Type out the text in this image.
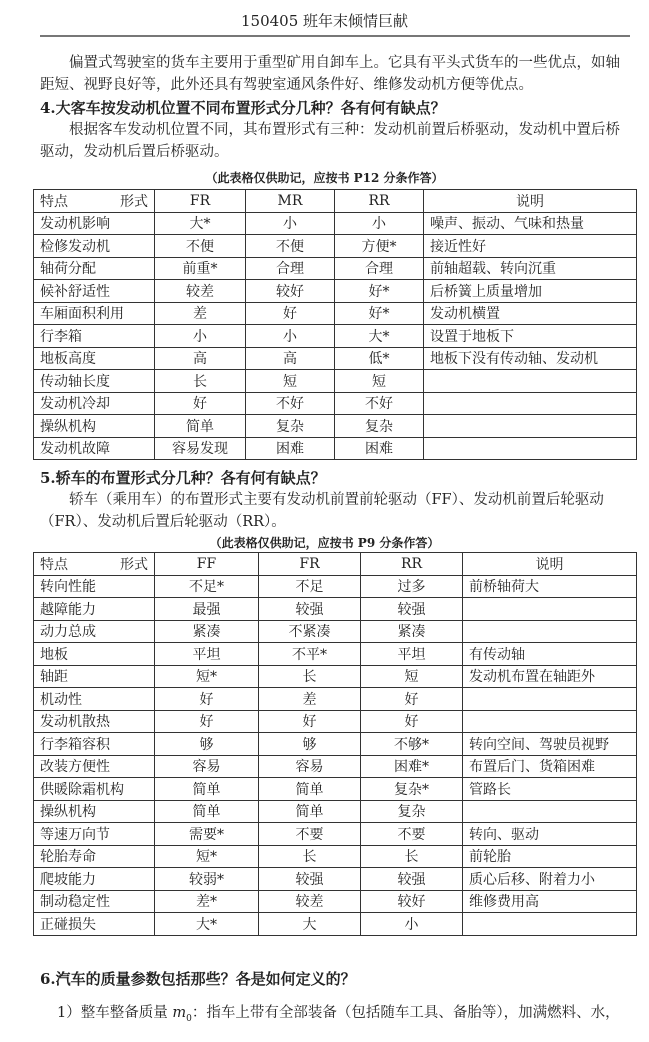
150405 班年末倾情巨献
偏置式驾驶室的货车主要用于重型矿用自卸车上。它具有平头式货车的一些优点，如轴距短、视野良好等，此外还具有驾驶室通风条件好、维修发动机方便等优点。
4.大客车按发动机位置不同布置形式分几种？各有何有缺点？
根据客车发动机位置不同，其布置形式有三种：发动机前置后桥驱动，发动机中置后桥驱动，发动机后置后桥驱动。
（此表格仅供助记，应按书 P12 分条作答）
特点 形式	FR	MR	RR	说明
发动机影响	大*	小	小	噪声、振动、气味和热量
检修发动机	不便	不便	方便*	接近性好
轴荷分配	前重*	合理	合理	前轴超载、转向沉重
候补舒适性	较差	较好	好*	后桥簧上质量增加
车厢面积利用	差	好	好*	发动机横置
行李箱	小	小	大*	设置于地板下
地板高度	高	高	低*	地板下没有传动轴、发动机
传动轴长度	长	短	短	
发动机冷却	好	不好	不好	
操纵机构	简单	复杂	复杂	
发动机故障	容易发现	困难	困难	
5.轿车的布置形式分几种？各有何有缺点？
轿车（乘用车）的布置形式主要有发动机前置前轮驱动（FF）、发动机前置后轮驱动（FR）、发动机后置后轮驱动（RR）。
（此表格仅供助记，应按书 P9 分条作答）
特点 形式	FF	FR	RR	说明
转向性能	不足*	不足	过多	前桥轴荷大
越障能力	最强	较强	较强	
动力总成	紧凑	不紧凑	紧凑	
地板	平坦	不平*	平坦	有传动轴
轴距	短*	长	短	发动机布置在轴距外
机动性	好	差	好	
发动机散热	好	好	好	
行李箱容积	够	够	不够*	转向空间、驾驶员视野
改装方便性	容易	容易	困难*	布置后门、货箱困难
供暖除霜机构	简单	简单	复杂*	管路长
操纵机构	简单	简单	复杂	
等速万向节	需要*	不要	不要	转向、驱动
轮胎寿命	短*	长	长	前轮胎
爬坡能力	较弱*	较强	较强	质心后移、附着力小
制动稳定性	差*	较差	较好	维修费用高
正碰损失	大*	大	小	
6.汽车的质量参数包括那些？各是如何定义的？
1）整车整备质量 $m_0$：指车上带有全部装备（包括随车工具、备胎等），加满燃料、水，
